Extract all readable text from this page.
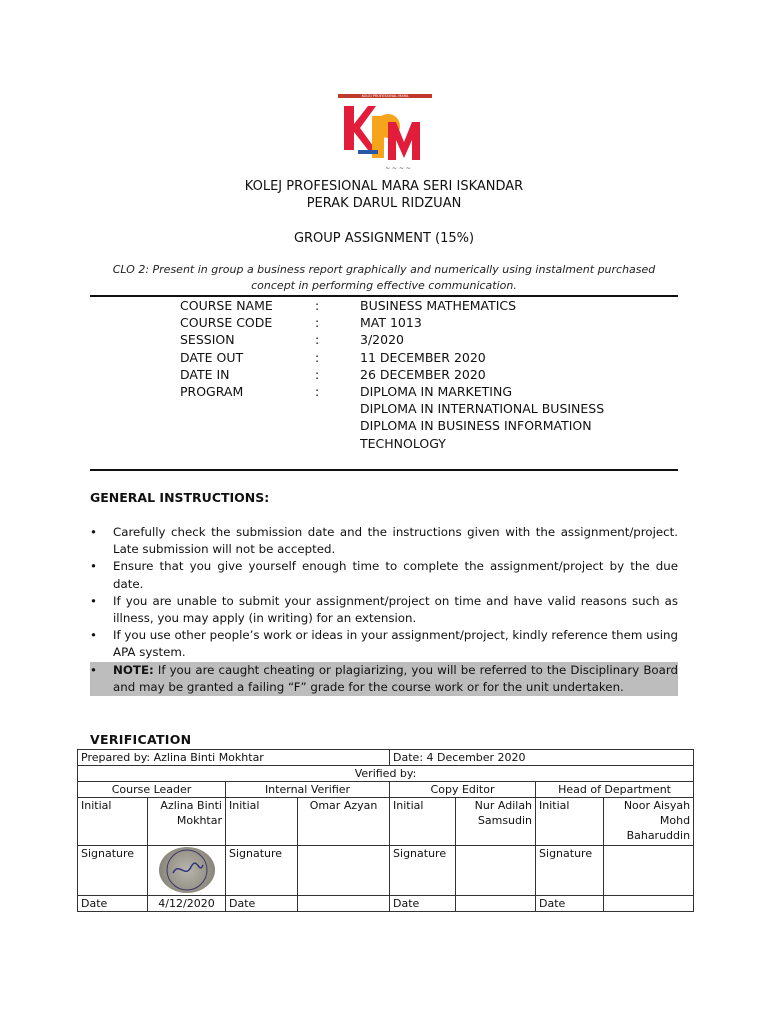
KOLEJ PROFESIONAL MARA
~ ~ ~ ~
KOLEJ PROFESIONAL MARA SERI ISKANDAR
PERAK DARUL RIDZUAN
GROUP ASSIGNMENT (15%)
CLO 2: Present in group a business report graphically and numerically using instalment purchased
concept in performing effective communication.
COURSE NAME	:	BUSINESS MATHEMATICS
COURSE CODE	:	MAT 1013
SESSION	:	3/2020
DATE OUT	:	11 DECEMBER 2020
DATE IN	:	26 DECEMBER 2020
PROGRAM	:	DIPLOMA IN MARKETING
DIPLOMA IN INTERNATIONAL BUSINESS
DIPLOMA IN BUSINESS INFORMATION
TECHNOLOGY
GENERAL INSTRUCTIONS:
• Carefully check the submission date and the instructions given with the assignment/project. Late submission will not be accepted.
• Ensure that you give yourself enough time to complete the assignment/project by the due date.
• If you are unable to submit your assignment/project on time and have valid reasons such as illness, you may apply (in writing) for an extension.
• If you use other people’s work or ideas in your assignment/project, kindly reference them using APA system.
• NOTE: If you are caught cheating or plagiarizing, you will be referred to the Disciplinary Board and may be granted a failing “F” grade for the course work or for the unit undertaken.
VERIFICATION
Prepared by: Azlina Binti Mokhtar				Date: 4 December 2020			
Verified by:							
Course Leader		Internal Verifier		Copy Editor		Head of Department	
Initial	Azlina Binti Mokhtar	Initial	Omar Azyan	Initial	Nur Adilah Samsudin	Initial	Noor Aisyah Mohd Baharuddin
Signature		Signature		Signature		Signature	
Date	4/12/2020	Date		Date		Date	
